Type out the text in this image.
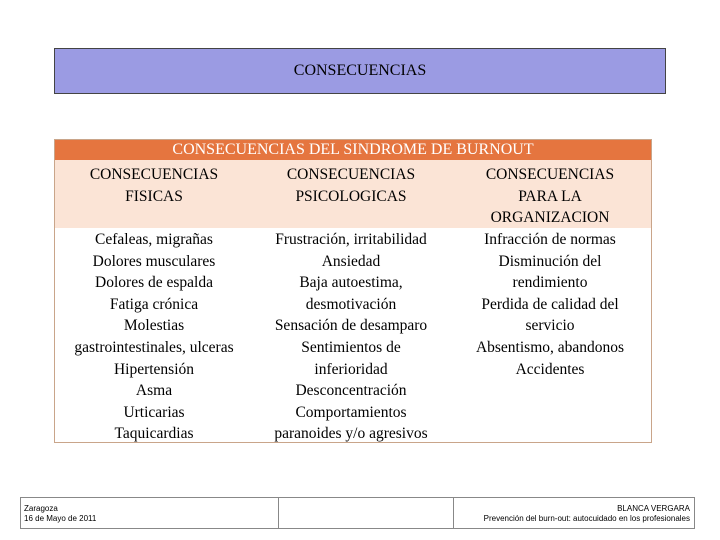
CONSECUENCIAS
CONSECUENCIAS DEL SINDROME DE BURNOUT
CONSECUENCIAS
FISICAS
CONSECUENCIAS
PSICOLOGICAS
CONSECUENCIAS
PARA LA
ORGANIZACION
Cefaleas, migrañas
Dolores musculares
Dolores de espalda
Fatiga crónica
Molestias
gastrointestinales, ulceras
Hipertensión
Asma
Urticarias
Taquicardias
Frustración, irritabilidad
Ansiedad
Baja autoestima,
desmotivación
Sensación de desamparo
Sentimientos de
inferioridad
Desconcentración
Comportamientos
paranoides y/o agresivos
Infracción de normas
Disminución del
rendimiento
Perdida de calidad del
servicio
Absentismo, abandonos
Accidentes
Zaragoza
16 de Mayo de 2011
BLANCA VERGARA
Prevención del burn-out: autocuidado en los profesionales
